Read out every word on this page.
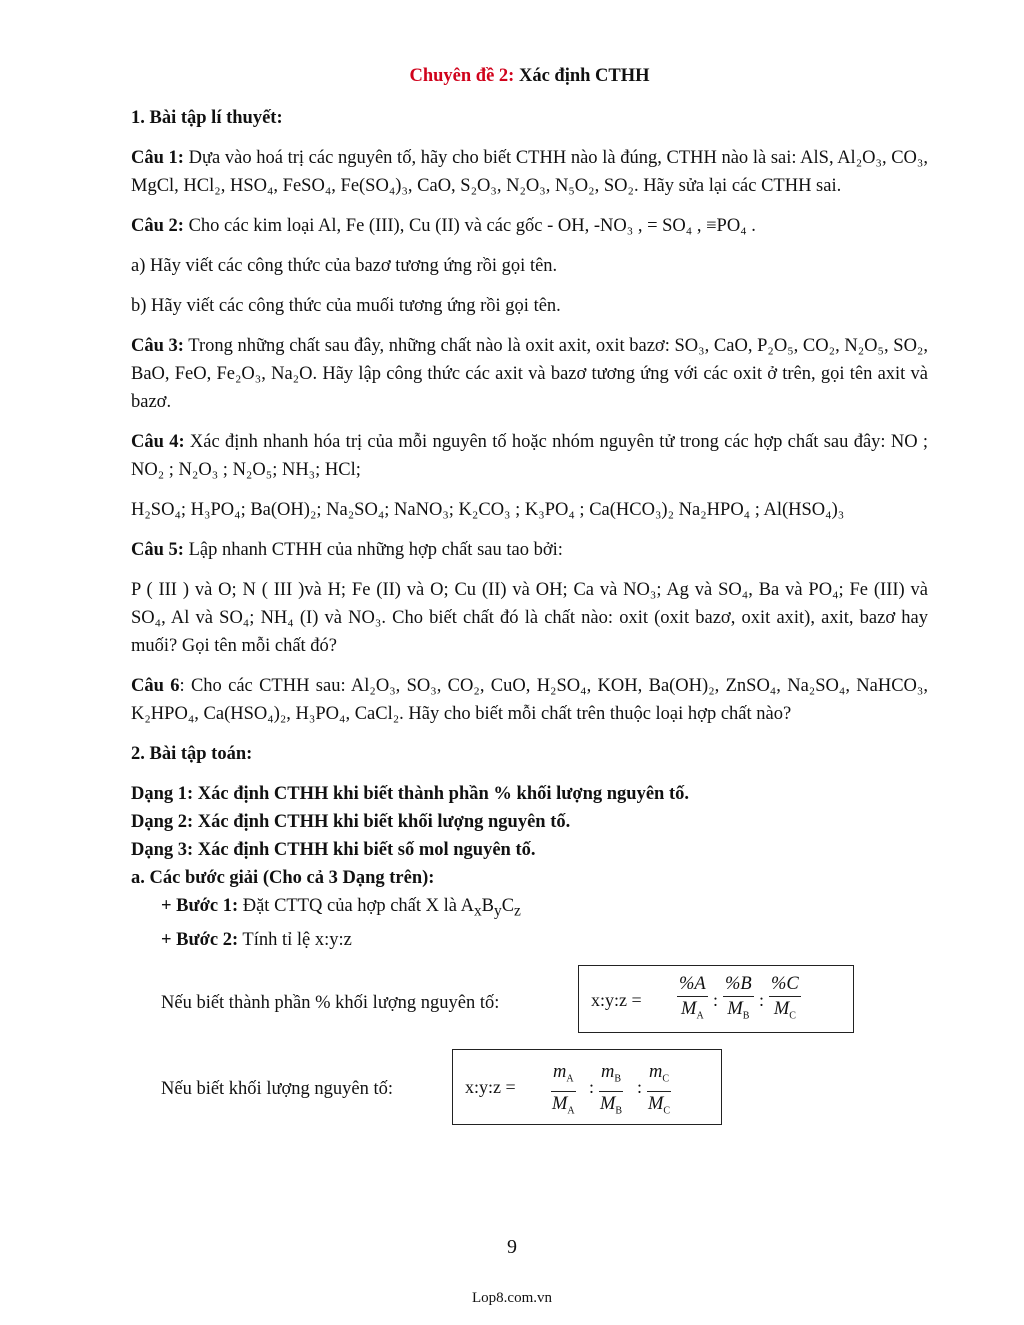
Chuyên đề 2: Xác định CTHH
1. Bài tập lí thuyết:

Câu 1: Dựa vào hoá trị các nguyên tố, hãy cho biết CTHH nào là đúng, CTHH nào là sai: AlS, Al₂O₃, CO₃, MgCl, HCl₂, HSO₄, FeSO₄, Fe(SO₄)₃, CaO, S₂O₃, N₂O₃, N₅O₂, SO₂. Hãy sửa lại các CTHH sai.

Câu 2: Cho các kim loại Al, Fe (III), Cu (II) và các gốc - OH, -NO₃ , = SO₄ , ≡PO₄ .

a) Hãy viết các công thức của bazơ tương ứng rồi gọi tên.

b) Hãy viết các công thức của muối tương ứng rồi gọi tên.

Câu 3: Trong những chất sau đây, những chất nào là oxit axit, oxit bazơ: SO₃, CaO, P₂O₅, CO₂, N₂O₅, SO₂, BaO, FeO, Fe₂O₃, Na₂O. Hãy lập công thức các axit và bazơ tương ứng với các oxit ở trên, gọi tên axit và bazơ.

Câu 4: Xác định nhanh hóa trị của mỗi nguyên tố hoặc nhóm nguyên tử trong các hợp chất sau đây: NO ; NO₂ ; N₂O₃ ; N₂O₅; NH₃; HCl;

H₂SO₄; H₃PO₄; Ba(OH)₂; Na₂SO₄; NaNO₃; K₂CO₃ ; K₃PO₄ ; Ca(HCO₃)₂ Na₂HPO₄ ; Al(HSO₄)₃

Câu 5: Lập nhanh CTHH của những hợp chất sau tao bởi:

P ( III ) và O; N ( III )và H; Fe (II) và O; Cu (II) và OH; Ca và NO₃; Ag và SO₄, Ba và PO₄; Fe (III) và SO₄, Al và SO₄; NH₄ (I) và NO₃. Cho biết chất đó là chất nào: oxit (oxit bazơ, oxit axit), axit, bazơ hay muối? Gọi tên mỗi chất đó?

Câu 6: Cho các CTHH sau: Al₂O₃, SO₃, CO₂, CuO, H₂SO₄, KOH, Ba(OH)₂, ZnSO₄, Na₂SO₄, NaHCO₃, K₂HPO₄, Ca(HSO₄)₂, H₃PO₄, CaCl₂. Hãy cho biết mỗi chất trên thuộc loại hợp chất nào?

2. Bài tập toán:
Dạng 1: Xác định CTHH khi biết thành phần % khối lượng nguyên tố.
Dạng 2: Xác định CTHH khi biết khối lượng nguyên tố.
Dạng 3: Xác định CTHH khi biết số mol nguyên tố.
a. Các bước giải (Cho cả 3 Dạng trên):
+ Bước 1: Đặt CTTQ của hợp chất X là $A_xB_yC_z$
+ Bước 2: Tính tỉ lệ x:y:z
Nếu biết thành phần % khối lượng nguyên tố:	x:y:z = $\frac{\%A}{M_A}$ : $\frac{\%B}{M_B}$ : $\frac{\%C}{M_C}$
Nếu biết khối lượng nguyên tố:	x:y:z = $\frac{m_A}{M_A}$ : $\frac{m_B}{M_B}$ : $\frac{m_C}{M_C}$
9
Lop8.com.vn
